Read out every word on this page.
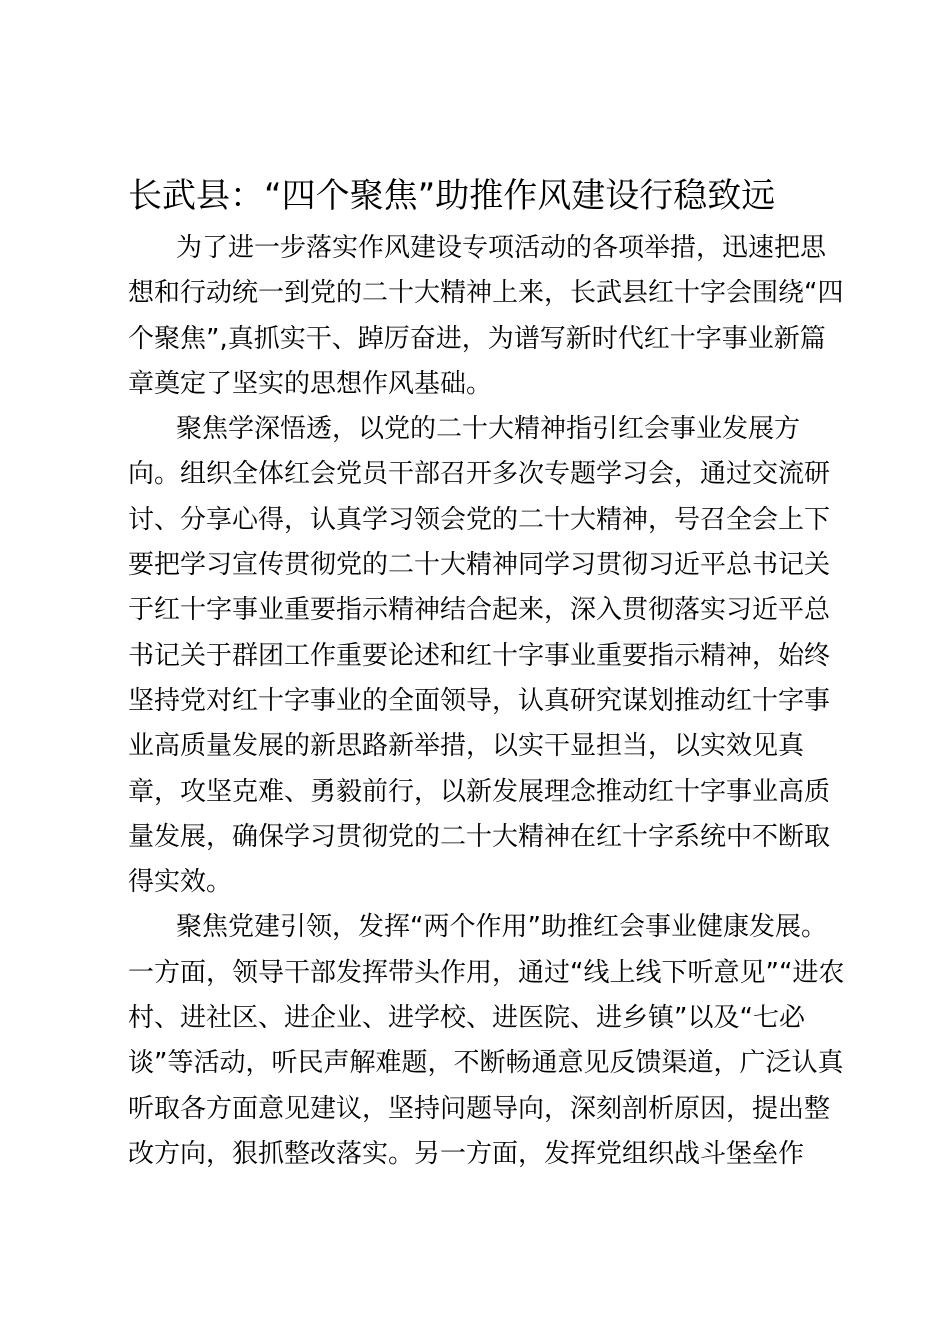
长武县：“四个聚焦”助推作风建设行稳致远

为了进一步落实作风建设专项活动的各项举措，迅速把思
想和行动统一到党的二十大精神上来，长武县红十字会围绕“四
个聚焦”,真抓实干、踔厉奋进，为谱写新时代红十字事业新篇
章奠定了坚实的思想作风基础。

聚焦学深悟透，以党的二十大精神指引红会事业发展方
向。组织全体红会党员干部召开多次专题学习会，通过交流研
讨、分享心得，认真学习领会党的二十大精神，号召全会上下
要把学习宣传贯彻党的二十大精神同学习贯彻习近平总书记关
于红十字事业重要指示精神结合起来，深入贯彻落实习近平总
书记关于群团工作重要论述和红十字事业重要指示精神，始终
坚持党对红十字事业的全面领导，认真研究谋划推动红十字事
业高质量发展的新思路新举措，以实干显担当，以实效见真
章，攻坚克难、勇毅前行，以新发展理念推动红十字事业高质
量发展，确保学习贯彻党的二十大精神在红十字系统中不断取
得实效。

聚焦党建引领，发挥“两个作用”助推红会事业健康发展。
一方面，领导干部发挥带头作用，通过“线上线下听意见”“进农
村、进社区、进企业、进学校、进医院、进乡镇”以及“七必
谈”等活动，听民声解难题，不断畅通意见反馈渠道，广泛认真
听取各方面意见建议，坚持问题导向，深刻剖析原因，提出整
改方向，狠抓整改落实。另一方面，发挥党组织战斗堡垒作
